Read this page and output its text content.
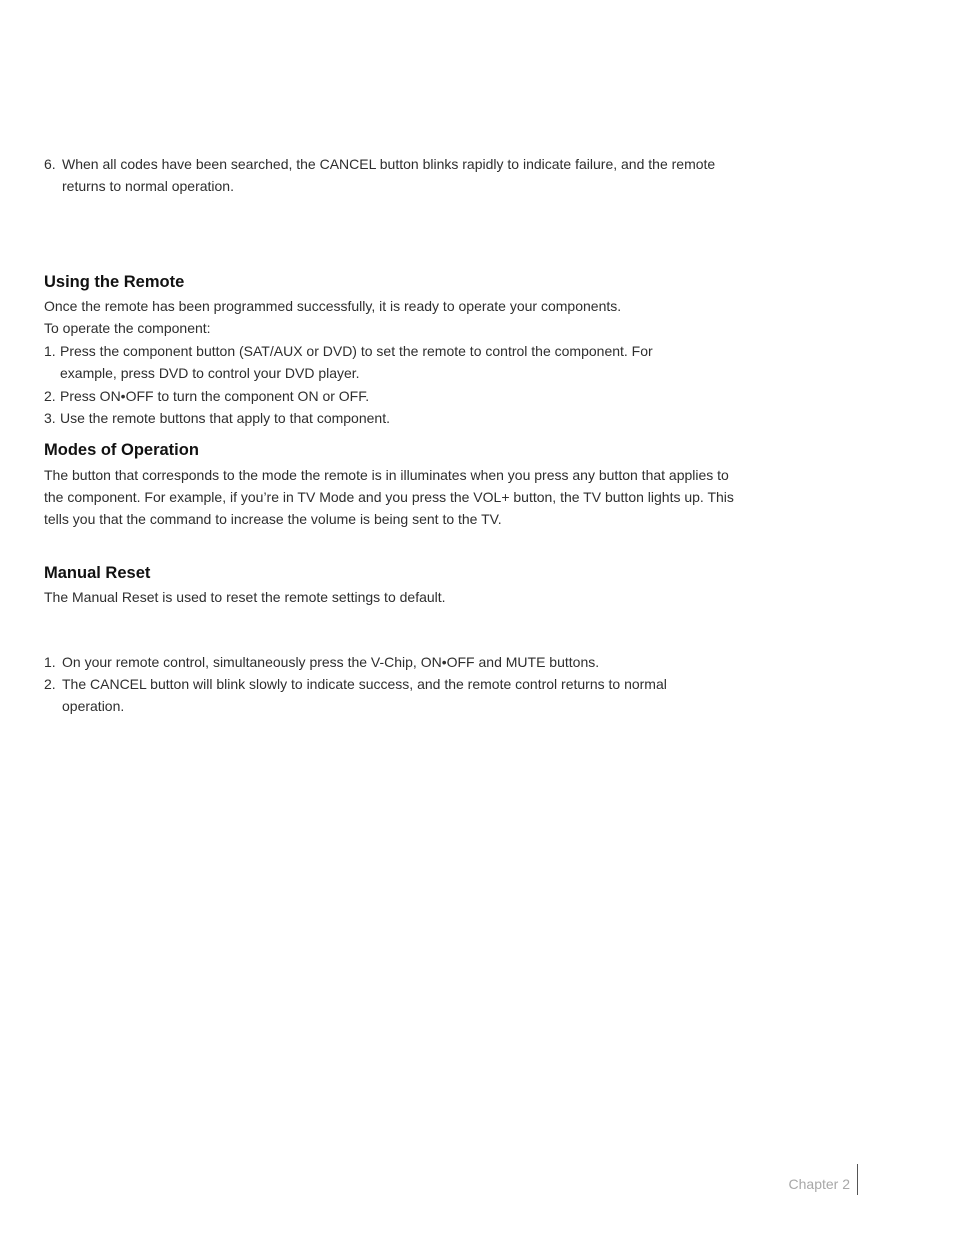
6. When all codes have been searched, the CANCEL button blinks rapidly to indicate failure, and the remote returns to normal operation.
Using the Remote
Once the remote has been programmed successfully, it is ready to operate your components.
To operate the component:
1. Press the component button (SAT/AUX or DVD) to set the remote to control the component. For example, press DVD to control your DVD player.
2. Press ON•OFF to turn the component ON or OFF.
3. Use the remote buttons that apply to that component.
Modes of Operation
The button that corresponds to the mode the remote is in illuminates when you press any button that applies to the component. For example, if you’re in TV Mode and you press the VOL+ button, the TV button lights up. This tells you that the command to increase the volume is being sent to the TV.
Manual Reset
The Manual Reset is used to reset the remote settings to default.
1. On your remote control, simultaneously press the V-Chip, ON•OFF and MUTE buttons.
2. The CANCEL button will blink slowly to indicate success, and the remote control returns to normal operation.
Chapter 2
